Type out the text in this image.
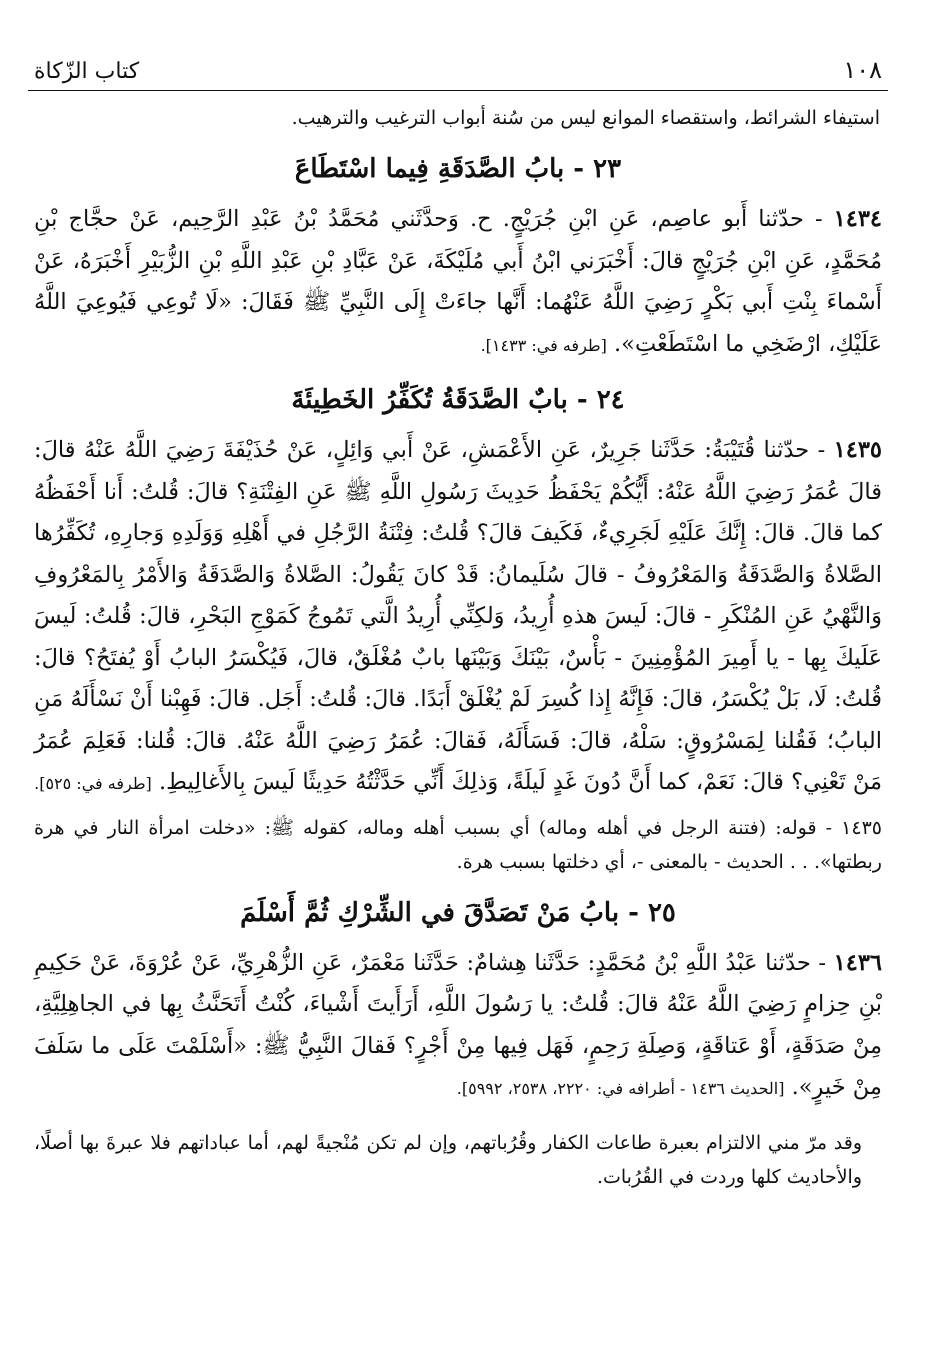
١٠٨
كتاب الزّكاة

استيفاء الشرائط، واستقصاء الموانع ليس من سُنة أبواب الترغيب والترهيب.

٢٣ - بابُ الصَّدَقَةِ فِيما اسْتَطَاعَ

١٤٣٤ - حدّثنا أَبو عاصِم، عَنِ ابْنِ جُرَيْجٍ. ح. وَحدَّثَني مُحَمَّدُ بْنُ عَبْدِ الرَّحِيم، عَنْ حجَّاج بْنِ مُحَمَّدٍ، عَنِ ابْنِ جُرَيْجٍ قالَ: أَخْبَرَني ابْنُ أَبي مُلَيْكَةَ، عَنْ عَبَّادِ بْنِ عَبْدِ اللَّهِ بْنِ الزُّبَيْرِ أَخْبَرَهُ، عَنْ أَسْماءَ بِنْتِ أَبي بَكْرٍ رَضِيَ اللَّهُ عَنْهُما: أَنَّها جاءَتْ إِلَى النَّبِيِّ ﷺ فَقَالَ: «لَا تُوعِي فَيُوعِيَ اللَّهُ عَلَيْكِ، ارْضَخِي ما اسْتَطَعْتِ». [طرفه في: ١٤٣٣].

٢٤ - بابٌ الصَّدَقَةُ تُكَفِّرُ الخَطِيئَةَ

١٤٣٥ - حدّثنا قُتَيْبَةُ: حَدَّثَنا جَرِيرٌ، عَنِ الأَعْمَشِ، عَنْ أَبي وَائِلٍ، عَنْ حُذَيْفَةَ رَضِيَ اللَّهُ عَنْهُ قالَ: قالَ عُمَرُ رَضِيَ اللَّهُ عَنْهُ: أَيُّكُمْ يَحْفَظُ حَدِيثَ رَسُولِ اللَّهِ ﷺ عَنِ الفِتْنَةِ؟ قالَ: قُلتُ: أَنا أَحْفَظُهُ كما قالَ. قالَ: إِنَّكَ عَلَيْهِ لَجَرِيءٌ، فَكَيفَ قالَ؟ قُلتُ: فِتْنَةُ الرَّجُلِ في أَهْلِهِ وَوَلَدِهِ وَجارِهِ، تُكَفِّرُها الصَّلاةُ وَالصَّدَقَةُ وَالمَعْرُوفُ - قالَ سُلَيمانُ: قَدْ كانَ يَقُولُ: الصَّلاةُ وَالصَّدَقَةُ وَالأَمْرُ بِالمَعْرُوفِ وَالنَّهْيُ عَنِ المُنْكَرِ - قالَ: لَيسَ هذهِ أُرِيدُ، وَلكِنِّي أُرِيدُ الَّتي تَمُوجُ كَمَوْجِ البَحْرِ، قالَ: قُلتُ: لَيسَ عَلَيكَ بِها - يا أَمِيرَ المُؤْمِنِينَ - بَأْسٌ، بَيْنَكَ وَبَيْنَها بابٌ مُغْلَقٌ، قالَ، فَيُكْسَرُ البابُ أَوْ يُفتَحُ؟ قالَ: قُلتُ: لَا، بَلْ يُكْسَرُ، قالَ: فَإِنَّهُ إِذا كُسِرَ لَمْ يُغْلَقْ أَبَدًا. قالَ: قُلتُ: أَجَل. قالَ: فَهِبْنا أَنْ نَسْأَلَهُ مَنِ البابُ؛ فَقُلنا لِمَسْرُوقٍ: سَلْهُ، قالَ: فَسَأَلَهُ، فَقالَ: عُمَرُ رَضِيَ اللَّهُ عَنْهُ. قالَ: قُلنا: فَعَلِمَ عُمَرُ مَنْ تَعْنِي؟ قالَ: نَعَمْ، كما أَنَّ دُونَ غَدٍ لَيلَةً، وَذلِكَ أَنِّي حَدَّثْتُهُ حَدِيثًا لَيسَ بِالأَغالِيطِ. [طرفه في: ٥٢٥].

١٤٣٥ - قوله: (فتنة الرجل في أهله وماله) أي بسبب أهله وماله، كقوله ﷺ: «دخلت امرأة النار في هرة ربطتها». . . الحديث - بالمعنى -، أي دخلتها بسبب هرة.

٢٥ - بابُ مَنْ تَصَدَّقَ في الشِّرْكِ ثُمَّ أَسْلَمَ

١٤٣٦ - حدّثنا عَبْدُ اللَّهِ بْنُ مُحَمَّدٍ: حَدَّثَنا هِشامٌ: حَدَّثَنا مَعْمَرٌ، عَنِ الزُّهْرِيِّ، عَنْ عُرْوَةَ، عَنْ حَكِيمِ بْنِ حِزامٍ رَضِيَ اللَّهُ عَنْهُ قالَ: قُلتُ: يا رَسُولَ اللَّهِ، أَرَأَيتَ أَشْياءَ، كُنْتُ أَتَحَنَّثُ بِها في الجاهِلِيَّةِ، مِنْ صَدَقَةٍ، أَوْ عَتاقَةٍ، وَصِلَةِ رَحِمٍ، فَهَل فِيها مِنْ أَجْرٍ؟ فَقالَ النَّبِيُّ ﷺ: «أَسْلَمْتَ عَلَى ما سَلَفَ مِنْ خَيرٍ». [الحديث ١٤٣٦ - أطرافه في: ٢٢٢٠، ٢٥٣٨، ٥٩٩٢].

وقد مرّ مني الالتزام بعبرة طاعات الكفار وقُرُباتهم، وإن لم تكن مُنْجيةً لهم، أما عباداتهم فلا عبرةَ بها أصلًا، والأحاديث كلها وردت في القُرُبات.
